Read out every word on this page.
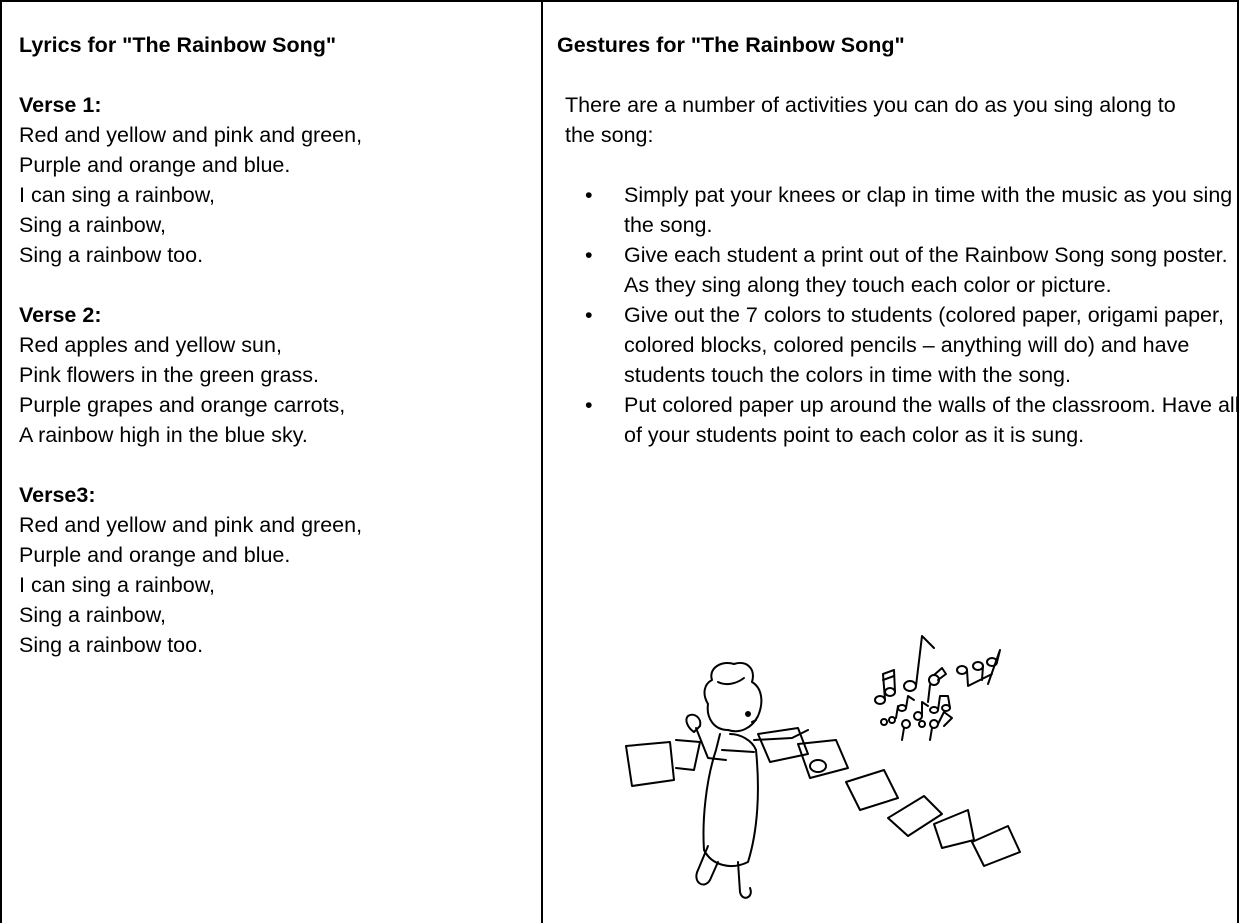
Lyrics for "The Rainbow Song"

Verse 1:

Red and yellow and pink and green,

Purple and orange and blue.

I can sing a rainbow,

Sing a rainbow,

Sing a rainbow too.

Verse 2:

Red apples and yellow sun,

Pink flowers in the green grass.

Purple grapes and orange carrots,

A rainbow high in the blue sky.

Verse3:

Red and yellow and pink and green,

Purple and orange and blue.

I can sing a rainbow,

Sing a rainbow,

Sing a rainbow too.

Gestures for "The Rainbow Song"

There are a number of activities you can do as you sing along to the song:

• Simply pat your knees or clap in time with the music as you sing the song.
• Give each student a print out of the Rainbow Song song poster. As they sing along they touch each color or picture.
• Give out the 7 colors to students (colored paper, origami paper, colored blocks, colored pencils – anything will do) and have students touch the colors in time with the song.
• Put colored paper up around the walls of the classroom. Have all of your students point to each color as it is sung.
